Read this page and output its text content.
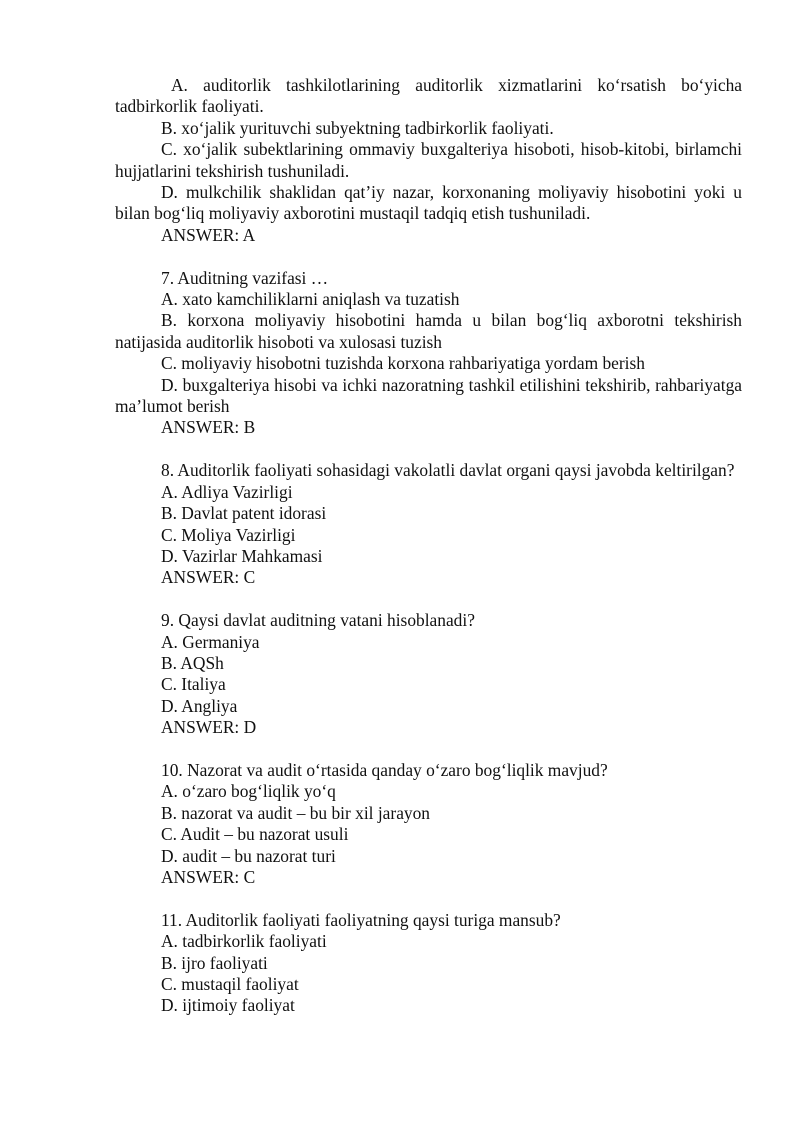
A. auditorlik tashkilotlarining auditorlik xizmatlarini ko‘rsatish bo‘yicha tadbirkorlik faoliyati.

B. xo‘jalik yurituvchi subyektning tadbirkorlik faoliyati.

C. xo‘jalik subektlarining ommaviy buxgalteriya hisoboti, hisob-kitobi, birlamchi hujjatlarini tekshirish tushuniladi.

D. mulkchilik shaklidan qat’iy nazar, korxonaning moliyaviy hisobotini yoki u bilan bog‘liq moliyaviy axborotini mustaqil tadqiq etish tushuniladi.

ANSWER: A

7. Auditning vazifasi …

A. xato kamchiliklarni aniqlash va tuzatish

B. korxona moliyaviy hisobotini hamda u bilan bog‘liq axborotni tekshirish natijasida auditorlik hisoboti va xulosasi tuzish

C. moliyaviy hisobotni tuzishda korxona rahbariyatiga yordam berish

D. buxgalteriya hisobi va ichki nazoratning tashkil etilishini tekshirib, rahbariyatga ma’lumot berish

ANSWER: B

8. Auditorlik faoliyati sohasidagi vakolatli davlat organi qaysi javobda keltirilgan?

A. Adliya Vazirligi

B. Davlat patent idorasi

C. Moliya Vazirligi

D. Vazirlar Mahkamasi

ANSWER: C

9. Qaysi davlat auditning vatani hisoblanadi?

A. Germaniya

B. AQSh

C. Italiya

D. Angliya

ANSWER: D

10. Nazorat va audit o‘rtasida qanday o‘zaro bog‘liqlik mavjud?

A. o‘zaro bog‘liqlik yo‘q

B. nazorat va audit – bu bir xil jarayon

C. Audit – bu nazorat usuli

D. audit – bu nazorat turi

ANSWER: C

11. Auditorlik faoliyati faoliyatning qaysi turiga mansub?

A. tadbirkorlik faoliyati

B. ijro faoliyati

C. mustaqil faoliyat

D. ijtimoiy faoliyat
